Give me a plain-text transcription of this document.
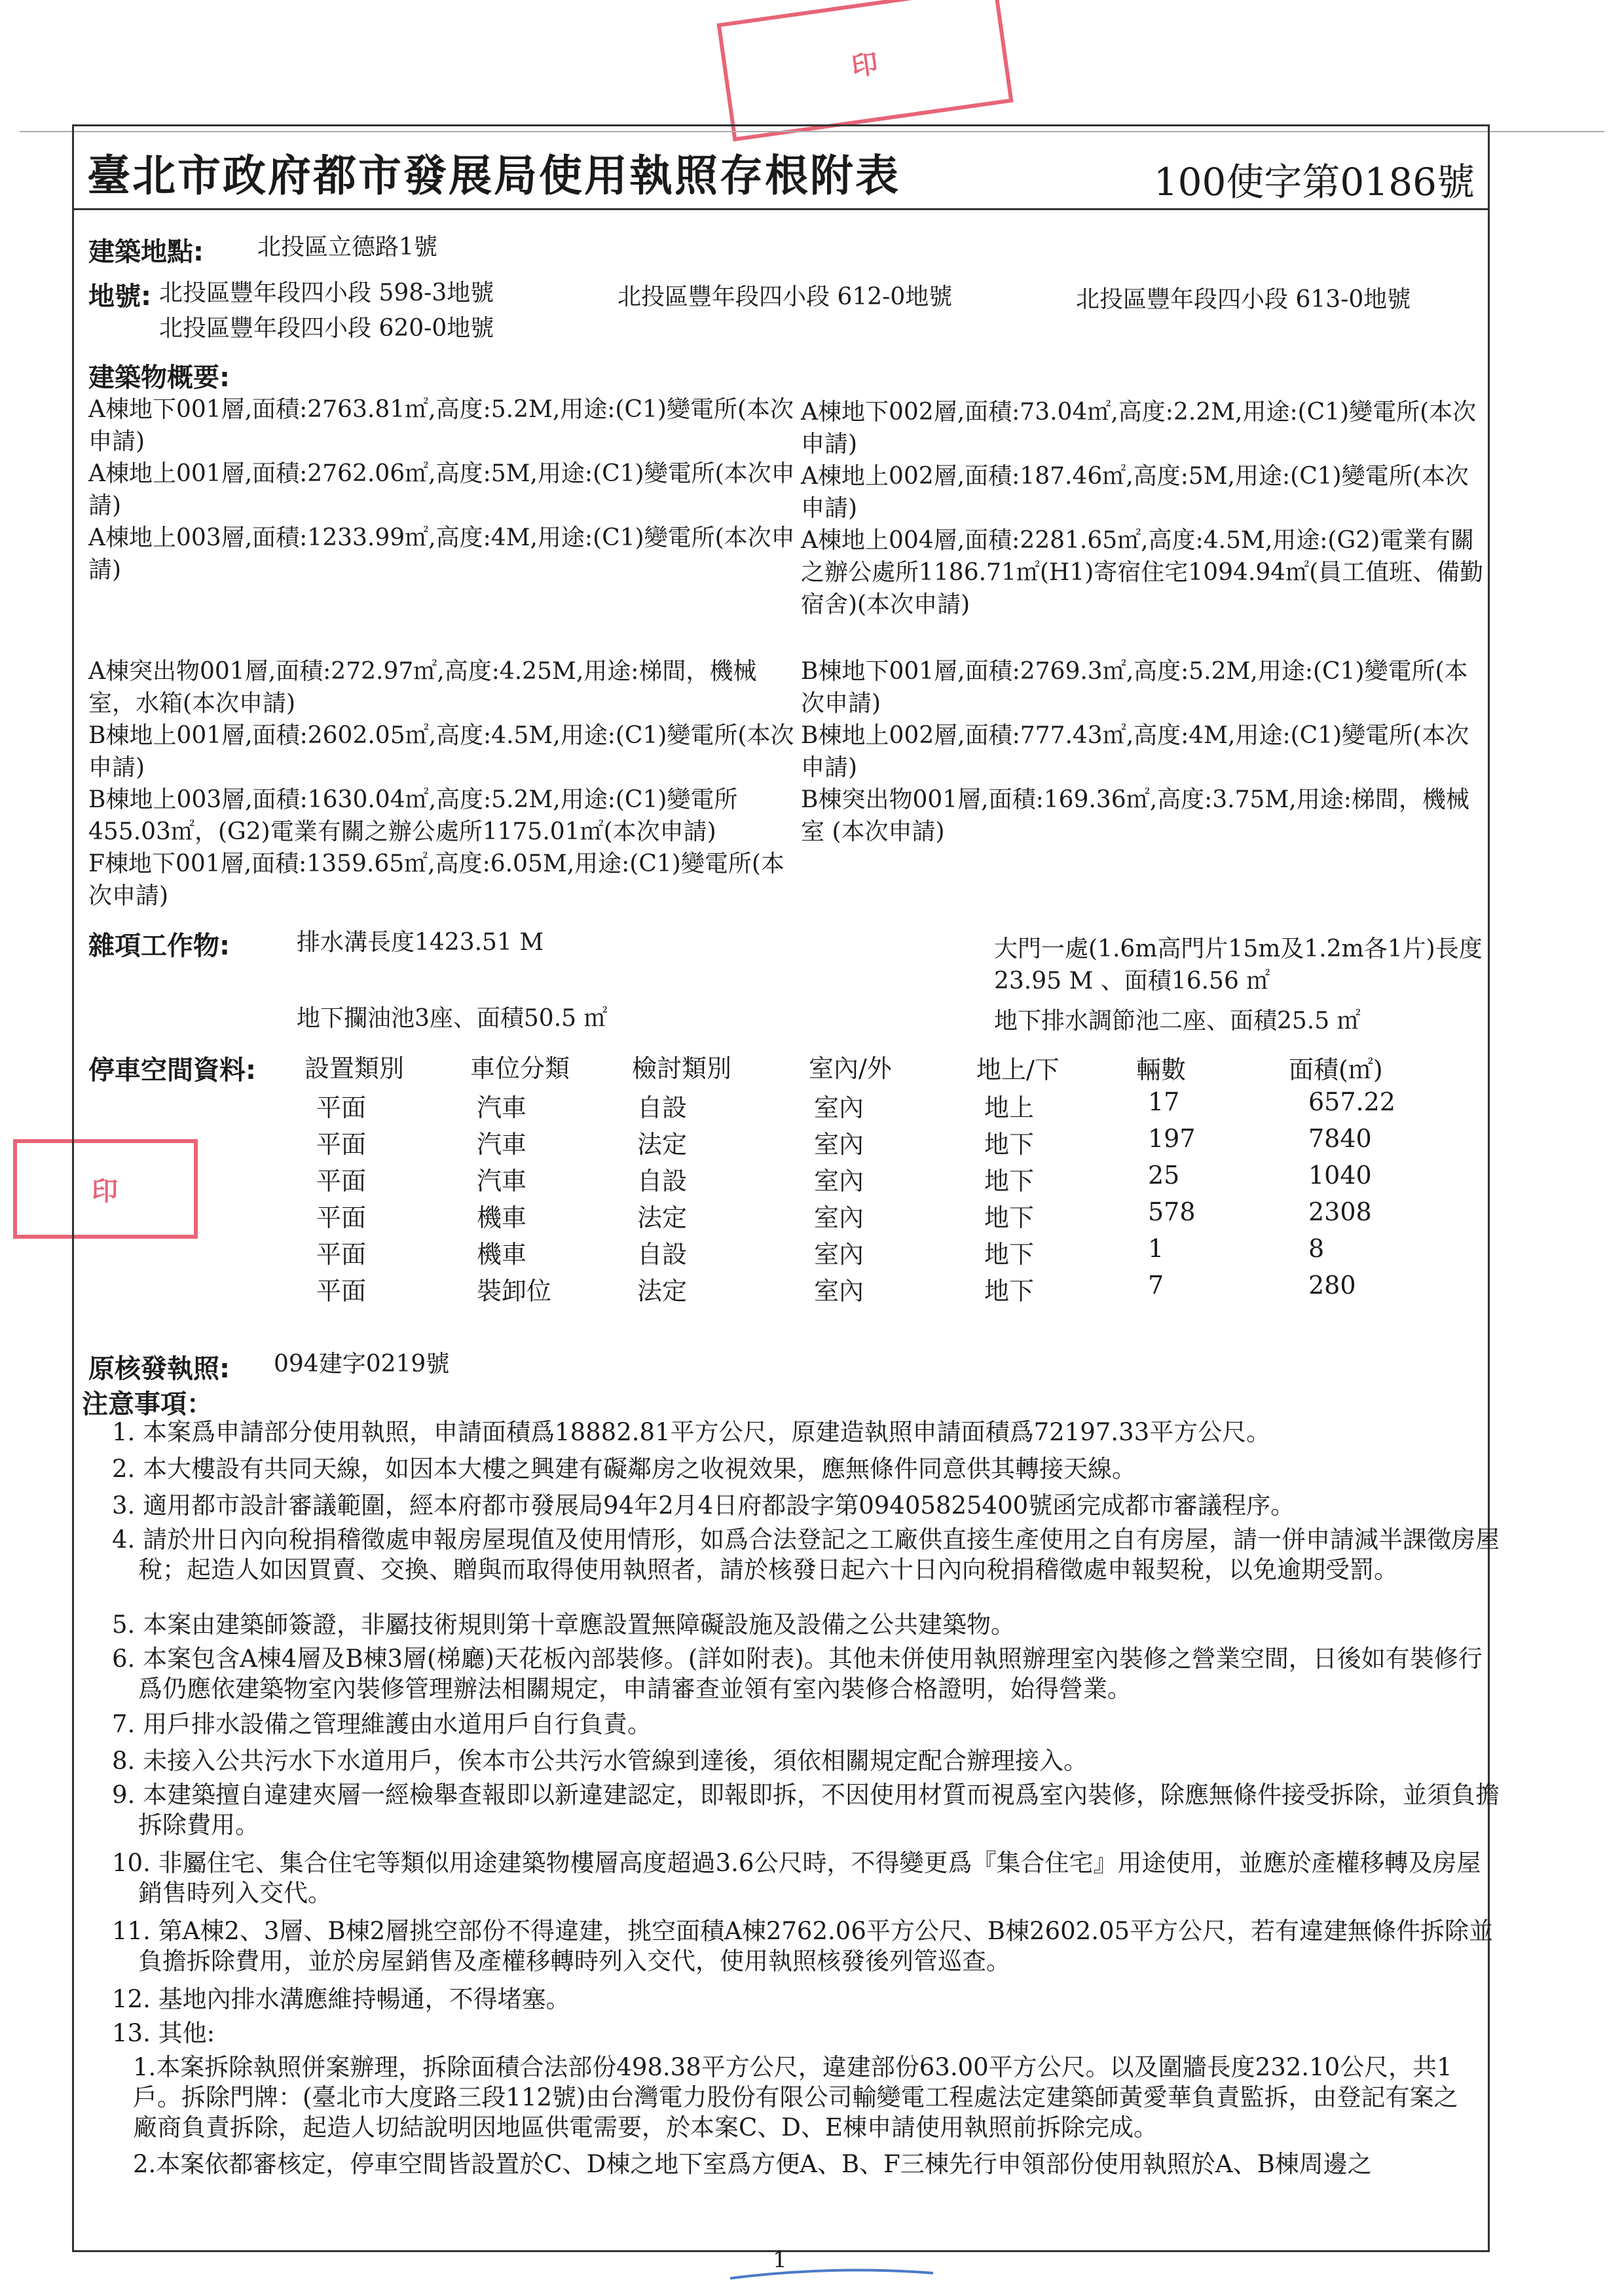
印
印
臺北市政府都市發展局使用執照存根附表	100使字第0186號
建築地點: 北投區立德路1號
地號: 北投區豐年段四小段 598-3地號	北投區豐年段四小段 612-0地號	北投區豐年段四小段 613-0地號
北投區豐年段四小段 620-0地號
建築物概要:
A棟地下001層,面積:2763.81㎡,高度:5.2M,用途:(C1)變電所(本次申請)
A棟地上001層,面積:2762.06㎡,高度:5M,用途:(C1)變電所(本次申請)
A棟地上003層,面積:1233.99㎡,高度:4M,用途:(C1)變電所(本次申請)
A棟突出物001層,面積:272.97㎡,高度:4.25M,用途:梯間，機械室，水箱(本次申請)
B棟地上001層,面積:2602.05㎡,高度:4.5M,用途:(C1)變電所(本次申請)
B棟地上003層,面積:1630.04㎡,高度:5.2M,用途:(C1)變電所455.03㎡，(G2)電業有關之辦公處所1175.01㎡(本次申請)
F棟地下001層,面積:1359.65㎡,高度:6.05M,用途:(C1)變電所(本次申請)
A棟地下002層,面積:73.04㎡,高度:2.2M,用途:(C1)變電所(本次申請)
A棟地上002層,面積:187.46㎡,高度:5M,用途:(C1)變電所(本次申請)
A棟地上004層,面積:2281.65㎡,高度:4.5M,用途:(G2)電業有關之辦公處所1186.71㎡(H1)寄宿住宅1094.94㎡(員工值班、備勤宿舍)(本次申請)
B棟地下001層,面積:2769.3㎡,高度:5.2M,用途:(C1)變電所(本次申請)
B棟地上002層,面積:777.43㎡,高度:4M,用途:(C1)變電所(本次申請)
B棟突出物001層,面積:169.36㎡,高度:3.75M,用途:梯間，機械室 (本次申請)
雜項工作物:	排水溝長度1423.51 M	大門一處(1.6m高門片15m及1.2m各1片)長度23.95 M 、面積16.56 ㎡
地下攔油池3座、面積50.5 ㎡	地下排水調節池二座、面積25.5 ㎡
停車空間資料: 設置類別	車位分類 檢討類別	室內/外	地上/下	輛數	面積(㎡)
平面	汽車	自設	室內	地上	17	657.22
平面	汽車	法定	室內	地下	197	7840
平面	汽車	自設	室內	地下	25	1040
平面	機車	法定	室內	地下	578	2308
平面	機車	自設	室內	地下	1	8
平面	裝卸位	法定	室內	地下	7	280
原核發執照: 094建字0219號
注意事項：
1. 本案爲申請部分使用執照，申請面積爲18882.81平方公尺，原建造執照申請面積爲72197.33平方公尺。
2. 本大樓設有共同天線，如因本大樓之興建有礙鄰房之收視效果，應無條件同意供其轉接天線。
3. 適用都市設計審議範圍，經本府都市發展局94年2月4日府都設字第09405825400號函完成都市審議程序。
4. 請於卅日內向稅捐稽徵處申報房屋現值及使用情形，如爲合法登記之工廠供直接生產使用之自有房屋，請一併申請減半課徵房屋稅；起造人如因買賣、交換、贈與而取得使用執照者，請於核發日起六十日內向稅捐稽徵處申報契稅，以免逾期受罰。
5. 本案由建築師簽證，非屬技術規則第十章應設置無障礙設施及設備之公共建築物。
6. 本案包含A棟4層及B棟3層(梯廳)天花板內部裝修。(詳如附表)。其他未併使用執照辦理室內裝修之營業空間，日後如有裝修行爲仍應依建築物室內裝修管理辦法相關規定，申請審查並領有室內裝修合格證明，始得營業。
7. 用戶排水設備之管理維護由水道用戶自行負責。
8. 未接入公共污水下水道用戶，俟本市公共污水管線到達後，須依相關規定配合辦理接入。
9. 本建築擅自違建夾層一經檢舉查報即以新違建認定，即報即拆，不因使用材質而視爲室內裝修，除應無條件接受拆除，並須負擔拆除費用。
10. 非屬住宅、集合住宅等類似用途建築物樓層高度超過3.6公尺時，不得變更爲『集合住宅』用途使用，並應於產權移轉及房屋銷售時列入交代。
11. 第A棟2、3層、B棟2層挑空部份不得違建，挑空面積A棟2762.06平方公尺、B棟2602.05平方公尺，若有違建無條件拆除並負擔拆除費用，並於房屋銷售及產權移轉時列入交代，使用執照核發後列管巡查。
12. 基地內排水溝應維持暢通，不得堵塞。
13. 其他:
1.本案拆除執照併案辦理，拆除面積合法部份498.38平方公尺，違建部份63.00平方公尺。以及圍牆長度232.10公尺，共1戶。拆除門牌：(臺北市大度路三段112號)由台灣電力股份有限公司輸變電工程處法定建築師黃愛華負責監拆，由登記有案之廠商負責拆除，起造人切結說明因地區供電需要，於本案C、D、E棟申請使用執照前拆除完成。
2.本案依都審核定，停車空間皆設置於C、D棟之地下室爲方便A、B、F三棟先行申領部份使用執照於A、B棟周邊之
1
